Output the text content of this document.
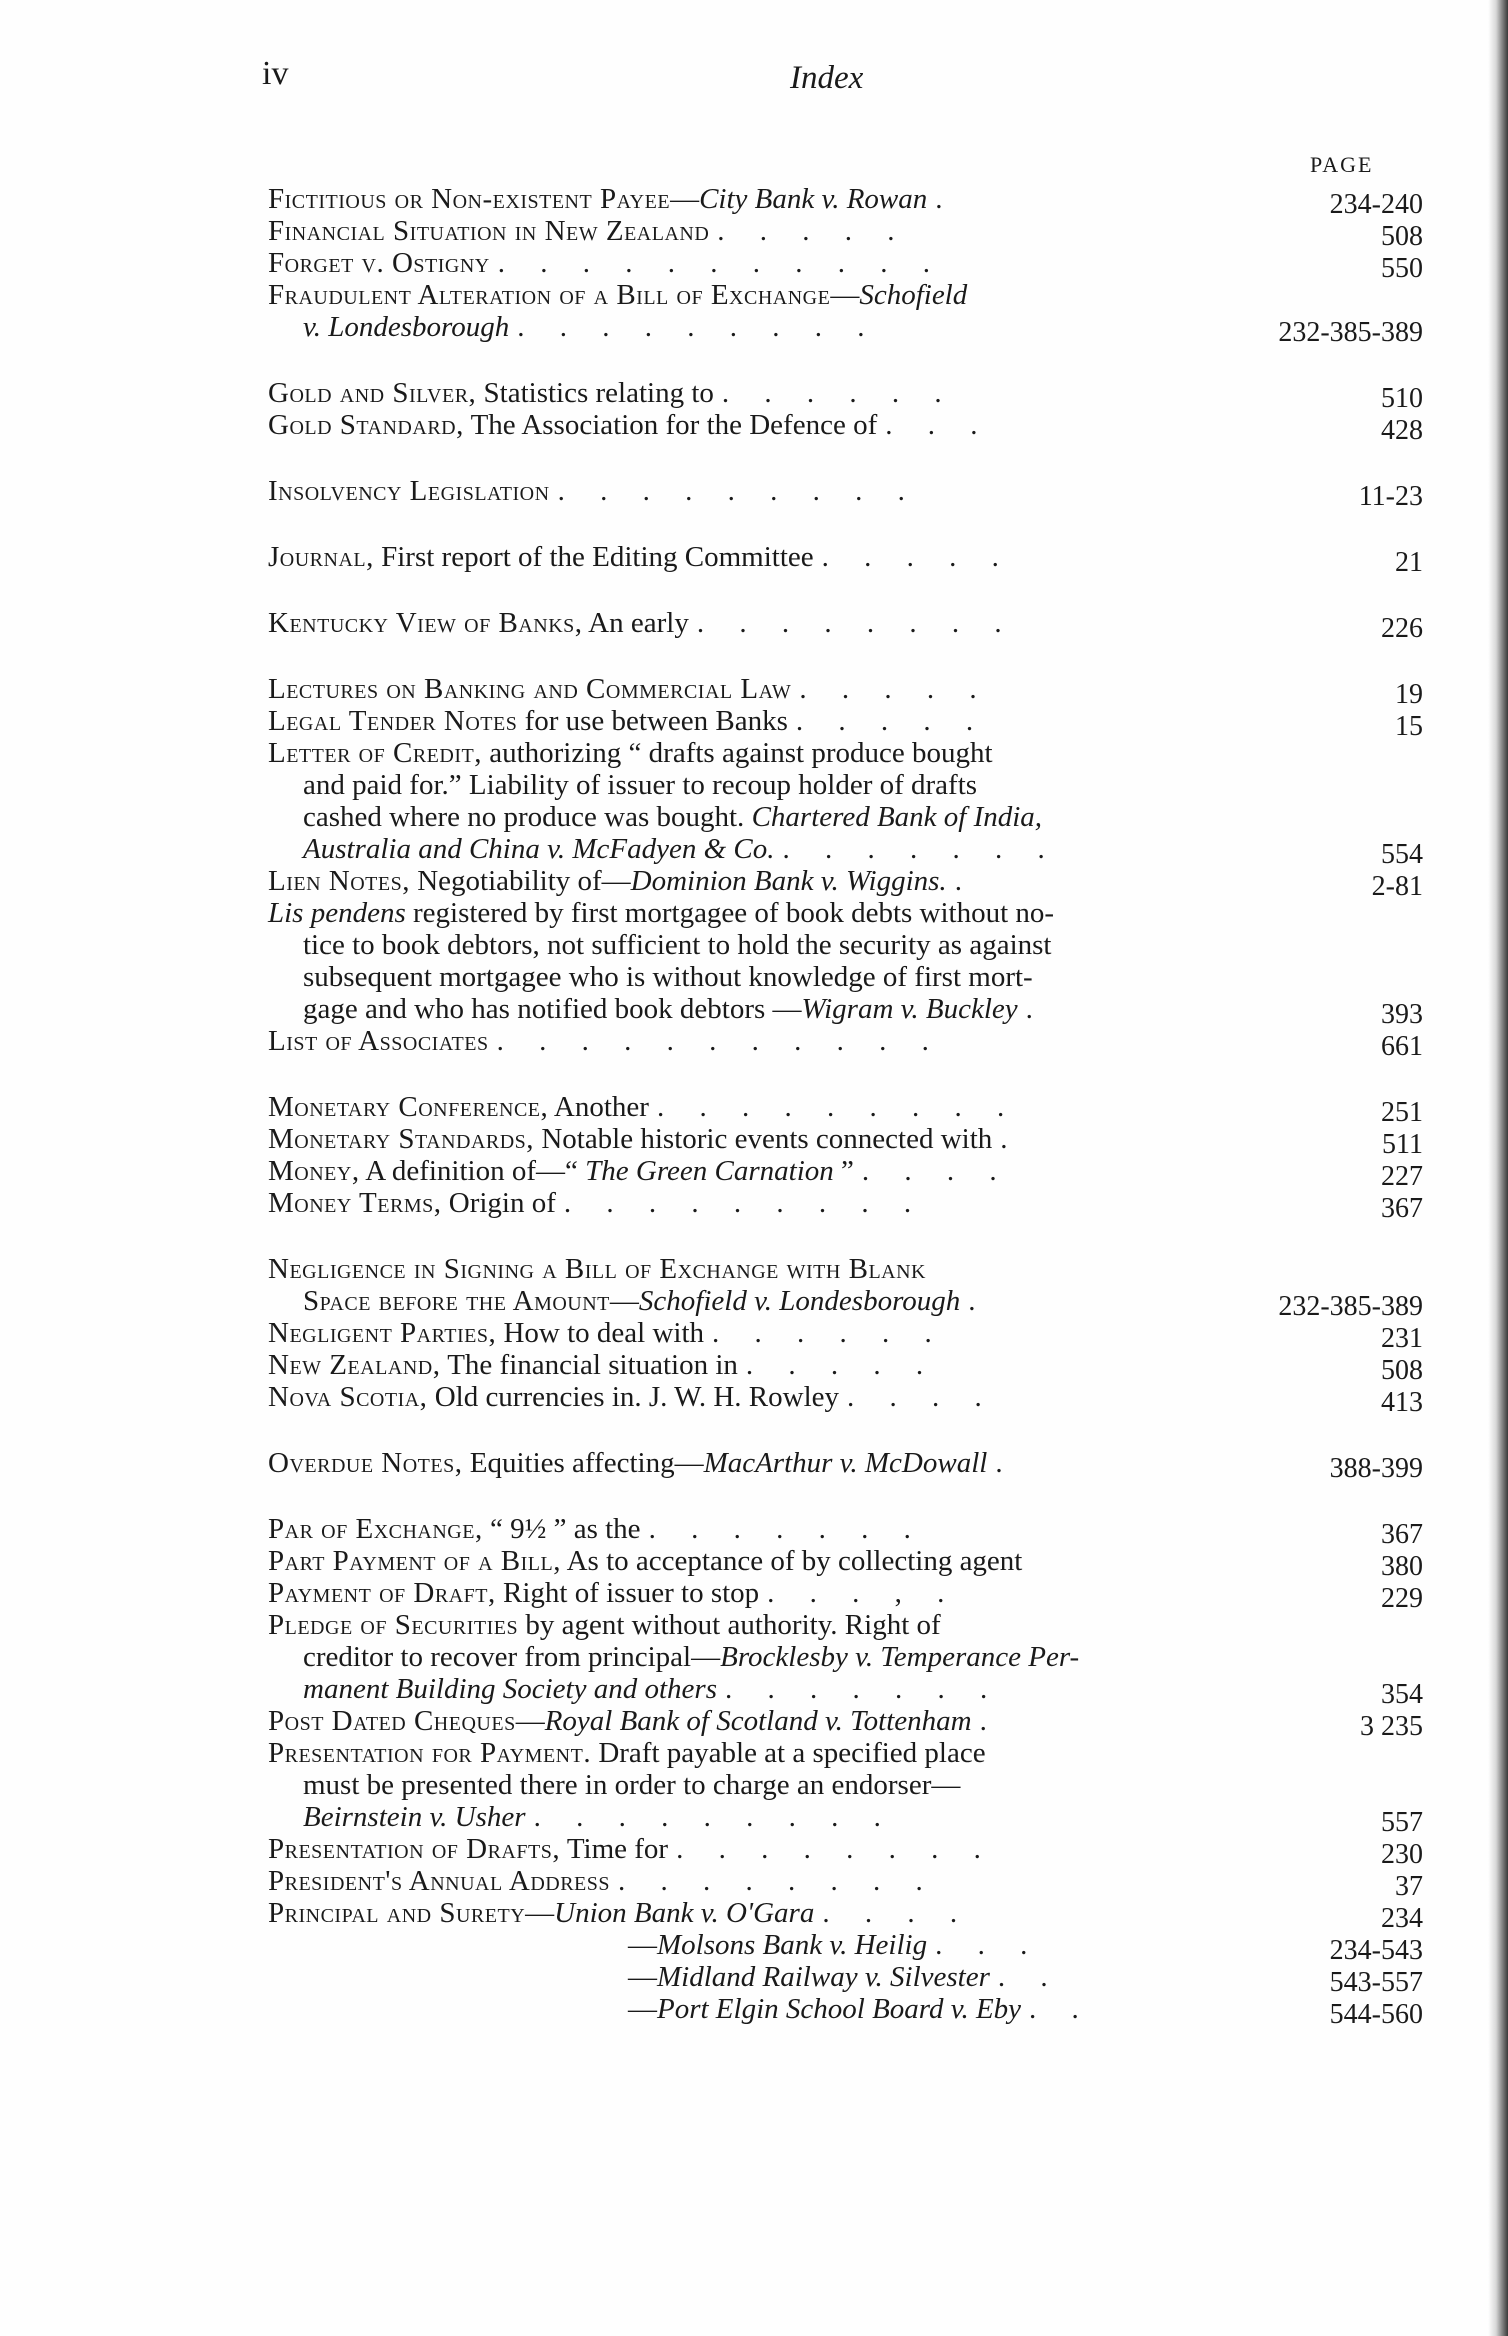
iv	Index
PAGE
Fictitious or Non-existent Payee—City Bank v. Rowan .	234-240
Financial Situation in New Zealand . . . . .	508
Forget v. Ostigny . . . . . . . . . . .	550
Fraudulent Alteration of a Bill of Exchange—Schofield
v. Londesborough . . . . . . . . .	232-385-389
Gold and Silver, Statistics relating to . . . . . .	510
Gold Standard, The Association for the Defence of . . .	428
Insolvency Legislation . . . . . . . . .	11-23
Journal, First report of the Editing Committee . . . . .	21
Kentucky View of Banks, An early . . . . . . . .	226
Lectures on Banking and Commercial Law . . . . .	19
Legal Tender Notes for use between Banks . . . . .	15
Letter of Credit, authorizing “ drafts against produce bought
and paid for.” Liability of issuer to recoup holder of drafts
cashed where no produce was bought. Chartered Bank of India,
Australia and China v. McFadyen & Co. . . . . . . .	554
Lien Notes, Negotiability of—Dominion Bank v. Wiggins. .	2-81
Lis pendens registered by first mortgagee of book debts without no-
tice to book debtors, not sufficient to hold the security as against
subsequent mortgagee who is without knowledge of first mort-
gage and who has notified book debtors —Wigram v. Buckley .	393
List of Associates . . . . . . . . . . .	661
Monetary Conference, Another . . . . . . . . .	251
Monetary Standards, Notable historic events connected with .	511
Money, A definition of—“ The Green Carnation ” . . . .	227
Money Terms, Origin of . . . . . . . . .	367
Negligence in Signing a Bill of Exchange with Blank
Space before the Amount—Schofield v. Londesborough .	232-385-389
Negligent Parties, How to deal with . . . . . .	231
New Zealand, The financial situation in . . . . .	508
Nova Scotia, Old currencies in. J. W. H. Rowley . . . .	413
Overdue Notes, Equities affecting—MacArthur v. McDowall .	388-399
Par of Exchange, “ 9½ ” as the . . . . . . .	367
Part Payment of a Bill, As to acceptance of by collecting agent	380
Payment of Draft, Right of issuer to stop . . . , .	229
Pledge of Securities by agent without authority. Right of
creditor to recover from principal—Brocklesby v. Temperance Per-
manent Building Society and others . . . . . . .	354
Post Dated Cheques—Royal Bank of Scotland v. Tottenham .	3 235
Presentation for Payment. Draft payable at a specified place
must be presented there in order to charge an endorser—
Beirnstein v. Usher . . . . . . . . .	557
Presentation of Drafts, Time for . . . . . . . .	230
President's Annual Address . . . . . . . .	37
Principal and Surety—Union Bank v. O'Gara . . . .	234
—Molsons Bank v. Heilig . . .	234-543
—Midland Railway v. Silvester . .	543-557
—Port Elgin School Board v. Eby . .	544-560
